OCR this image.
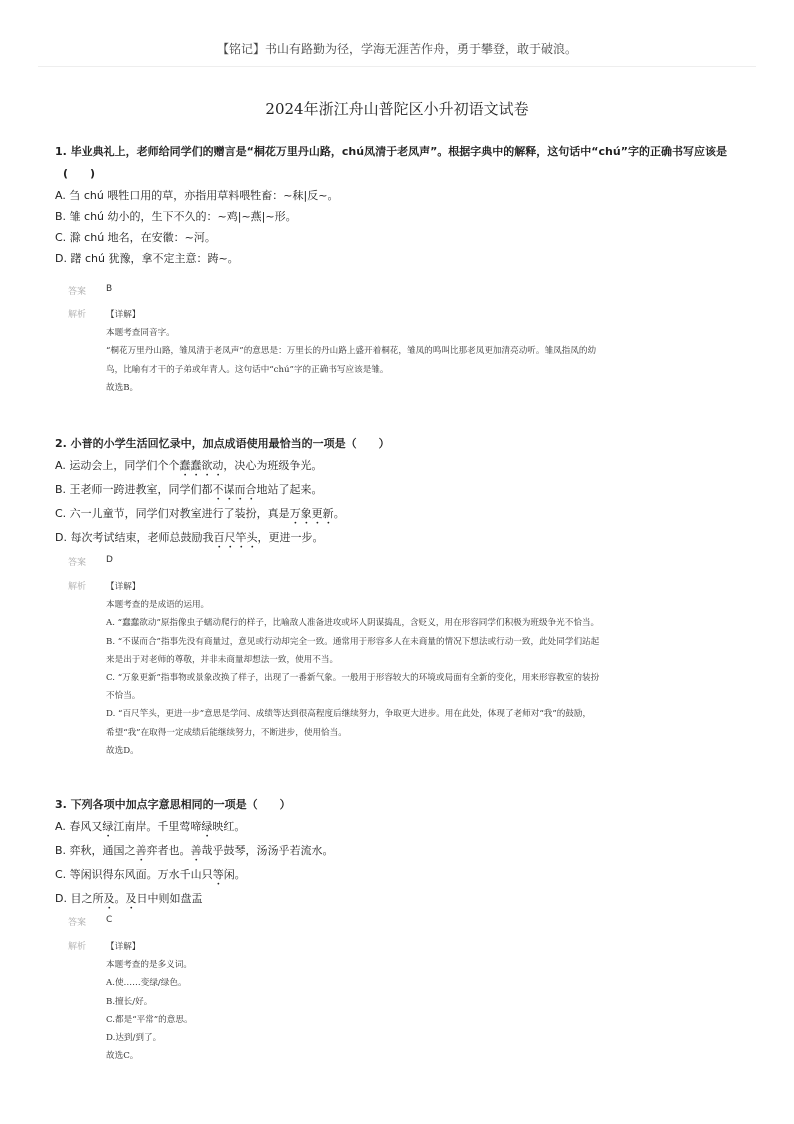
【铭记】书山有路勤为径，学海无涯苦作舟，勇于攀登，敢于破浪。
2024年浙江舟山普陀区小升初语文试卷
1. 毕业典礼上，老师给同学们的赠言是“桐花万里丹山路，chú凤清于老凤声”。根据字典中的解释，这句话中“chú”字的正确书写应该是
(　　)
A. 刍 chú 喂牲口用的草，亦指用草料喂牲畜：~秣|反~。
B. 雏 chú 幼小的，生下不久的：~鸡|~燕|~形。
C. 滁 chú 地名，在安徽：~河。
D. 躇 chú 犹豫，拿不定主意：踌~。
答案	B
解析	【详解】
本题考查同音字。
“桐花万里丹山路，雏凤清于老凤声”的意思是：万里长的丹山路上盛开着桐花，雏凤的鸣叫比那老凤更加清亮动听。雏凤指凤的幼
鸟，比喻有才干的子弟或年青人。这句话中“chú”字的正确书写应该是雏。
故选B。
2. 小普的小学生活回忆录中，加点成语使用最恰当的一项是（　　）
A. 运动会上，同学们个个蠢蠢欲动，决心为班级争光。
B. 王老师一跨进教室，同学们都不谋而合地站了起来。
C. 六一儿童节，同学们对教室进行了装扮，真是万象更新。
D. 每次考试结束，老师总鼓励我百尺竿头，更进一步。
答案	D
解析	【详解】
本题考查的是成语的运用。
A. “蠢蠢欲动”原指像虫子蠕动爬行的样子，比喻敌人准备进攻或坏人阴谋捣乱，含贬义，用在形容同学们积极为班级争光不恰当。
B. “不谋而合”指事先没有商量过，意见或行动却完全一致。通常用于形容多人在未商量的情况下想法或行动一致，此处同学们站起
来是出于对老师的尊敬，并非未商量却想法一致，使用不当。
C. “万象更新”指事物或景象改换了样子，出现了一番新气象。一般用于形容较大的环境或局面有全新的变化，用来形容教室的装扮
不恰当。
D. “百尺竿头，更进一步”意思是学问、成绩等达到很高程度后继续努力，争取更大进步。用在此处，体现了老师对“我”的鼓励，
希望“我”在取得一定成绩后能继续努力，不断进步，使用恰当。
故选D。
3. 下列各项中加点字意思相同的一项是（　　）
A. 春风又绿江南岸。千里莺啼绿映红。
B. 弈秋，通国之善弈者也。善哉乎鼓琴，汤汤乎若流水。
C. 等闲识得东风面。万水千山只等闲。
D. 目之所及。及日中则如盘盂
答案	C
解析	【详解】
本题考查的是多义词。
A.使……变绿/绿色。
B.擅长/好。
C.都是“平常”的意思。
D.达到/到了。
故选C。
